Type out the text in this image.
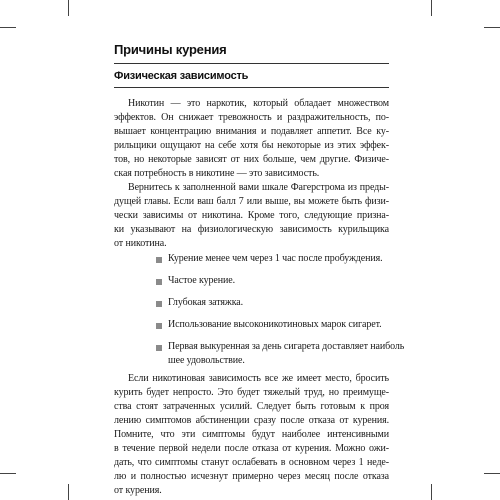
Причины курения
Физическая зависимость
Никотин — это наркотик, который обладает множеством
эффектов. Он снижает тревожность и раздражительность, по-
вышает концентрацию внимания и подавляет аппетит. Все ку-
рильщики ощущают на себе хотя бы некоторые из этих эффек-
тов, но некоторые зависят от них больше, чем другие. Физиче-
ская потребность в никотине — это зависимость.
Вернитесь к заполненной вами шкале Фагерстрома из преды-
дущей главы. Если ваш балл 7 или выше, вы можете быть физи-
чески зависимы от никотина. Кроме того, следующие призна-
ки указывают на физиологическую зависимость курильщика
от никотина.
Курение менее чем через 1 час после пробуждения.
Частое курение.
Глубокая затяжка.
Использование высоконикотиновых марок сигарет.
Первая выкуренная за день сигарета доставляет наиболь
шее удовольствие.
Если никотиновая зависимость все же имеет место, бросить
курить будет непросто. Это будет тяжелый труд, но преимуще-
ства стоят затраченных усилий. Следует быть готовым к проя
лению симптомов абстиненции сразу после отказа от курения.
Помните, что эти симптомы будут наиболее интенсивными
в течение первой недели после отказа от курения. Можно ожи-
дать, что симптомы станут ослабевать в основном через 1 неде-
лю и полностью исчезнут примерно через месяц после отказа
от курения.
